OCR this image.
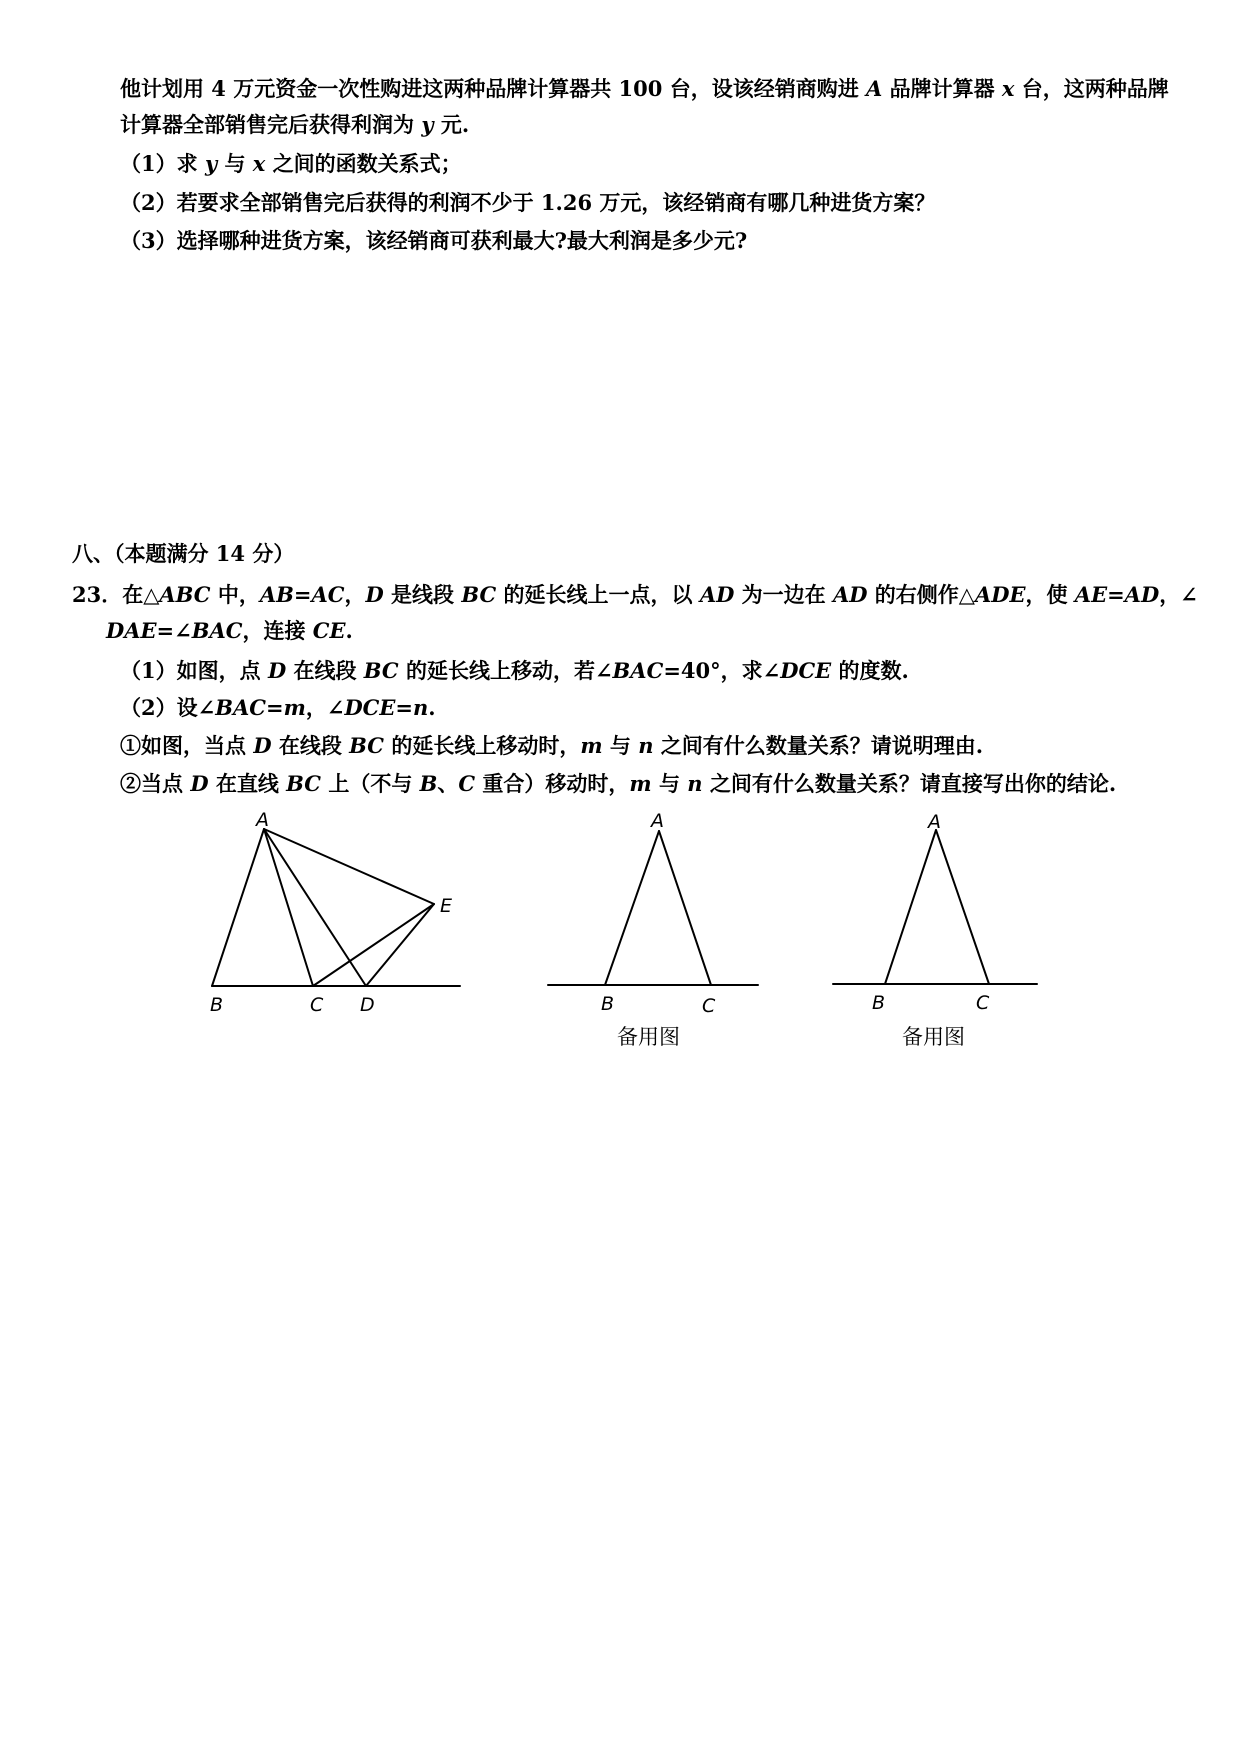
他计划用 4 万元资金一次性购进这两种品牌计算器共 100 台，设该经销商购进 A 品牌计算器 x 台，这两种品牌
计算器全部销售完后获得利润为 y 元.
（1）求 y 与 x 之间的函数关系式；
（2）若要求全部销售完后获得的利润不少于 1.26 万元，该经销商有哪几种进货方案？
（3）选择哪种进货方案，该经销商可获利最大?最大利润是多少元?
八、（本题满分 14 分）
23．在△ABC 中，AB=AC，D 是线段 BC 的延长线上一点，以 AD 为一边在 AD 的右侧作△ADE，使 AE=AD，∠
DAE=∠BAC，连接 CE.
（1）如图，点 D 在线段 BC 的延长线上移动，若∠BAC=40°，求∠DCE 的度数.
（2）设∠BAC=m，∠DCE=n.
①如图，当点 D 在线段 BC 的延长线上移动时，m 与 n 之间有什么数量关系？请说明理由.
②当点 D 在直线 BC 上（不与 B、C 重合）移动时，m 与 n 之间有什么数量关系？请直接写出你的结论.
A
B	C D
E
A
B	C
A
B	C
备用图	备用图
